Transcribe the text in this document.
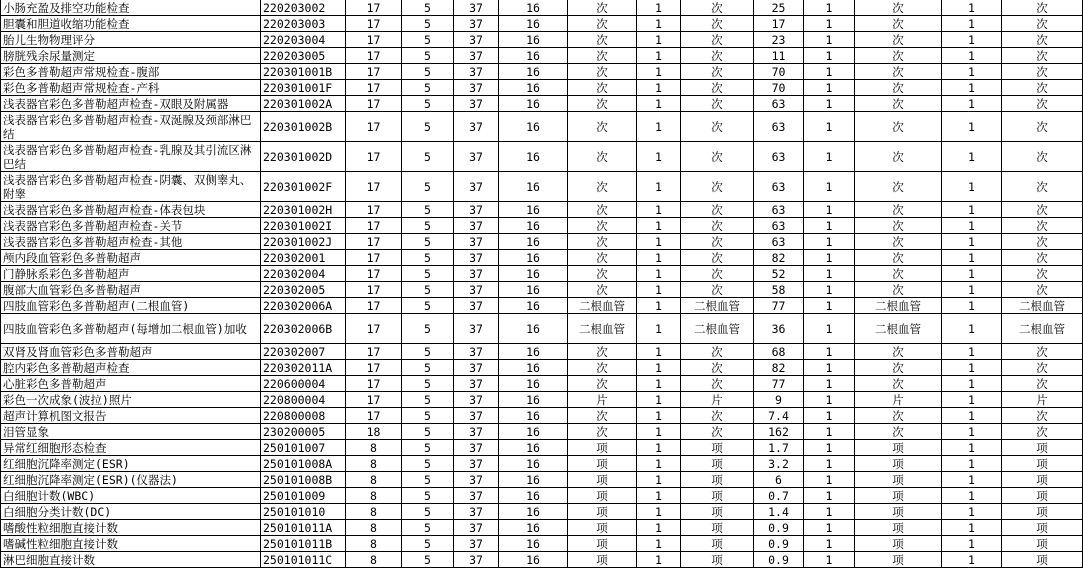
小肠充盈及排空功能检查	220203002	17	5	37	16	次	1	次	25	1	次	1	次
胆囊和胆道收缩功能检查	220203003	17	5	37	16	次	1	次	17	1	次	1	次
胎儿生物物理评分	220203004	17	5	37	16	次	1	次	23	1	次	1	次
膀胱残余尿量测定	220203005	17	5	37	16	次	1	次	11	1	次	1	次
彩色多普勒超声常规检查-腹部	220301001B	17	5	37	16	次	1	次	70	1	次	1	次
彩色多普勒超声常规检查-产科	220301001F	17	5	37	16	次	1	次	70	1	次	1	次
浅表器官彩色多普勒超声检查-双眼及附属器	220301002A	17	5	37	16	次	1	次	63	1	次	1	次
浅表器官彩色多普勒超声检查-双涎腺及颈部淋巴结	220301002B	17	5	37	16	次	1	次	63	1	次	1	次
浅表器官彩色多普勒超声检查-乳腺及其引流区淋巴结	220301002D	17	5	37	16	次	1	次	63	1	次	1	次
浅表器官彩色多普勒超声检查-阴囊、双侧睾丸、附睾	220301002F	17	5	37	16	次	1	次	63	1	次	1	次
浅表器官彩色多普勒超声检查-体表包块	220301002H	17	5	37	16	次	1	次	63	1	次	1	次
浅表器官彩色多普勒超声检查-关节	220301002I	17	5	37	16	次	1	次	63	1	次	1	次
浅表器官彩色多普勒超声检查-其他	220301002J	17	5	37	16	次	1	次	63	1	次	1	次
颅内段血管彩色多普勒超声	220302001	17	5	37	16	次	1	次	82	1	次	1	次
门静脉系彩色多普勒超声	220302004	17	5	37	16	次	1	次	52	1	次	1	次
腹部大血管彩色多普勒超声	220302005	17	5	37	16	次	1	次	58	1	次	1	次
四肢血管彩色多普勒超声(二根血管)	220302006A	17	5	37	16	二根血管	1	二根血管	77	1	二根血管	1	二根血管
四肢血管彩色多普勒超声(每增加二根血管)加收	220302006B	17	5	37	16	二根血管	1	二根血管	36	1	二根血管	1	二根血管
双肾及肾血管彩色多普勒超声	220302007	17	5	37	16	次	1	次	68	1	次	1	次
腔内彩色多普勒超声检查	220302011A	17	5	37	16	次	1	次	82	1	次	1	次
心脏彩色多普勒超声	220600004	17	5	37	16	次	1	次	77	1	次	1	次
彩色一次成象(波拉)照片	220800004	17	5	37	16	片	1	片	9	1	片	1	片
超声计算机图文报告	220800008	17	5	37	16	次	1	次	7.4	1	次	1	次
泪管显象	230200005	18	5	37	16	次	1	次	162	1	次	1	次
异常红细胞形态检查	250101007	8	5	37	16	项	1	项	1.7	1	项	1	项
红细胞沉降率测定(ESR)	250101008A	8	5	37	16	项	1	项	3.2	1	项	1	项
红细胞沉降率测定(ESR)(仪器法)	250101008B	8	5	37	16	项	1	项	6	1	项	1	项
白细胞计数(WBC)	250101009	8	5	37	16	项	1	项	0.7	1	项	1	项
白细胞分类计数(DC)	250101010	8	5	37	16	项	1	项	1.4	1	项	1	项
嗜酸性粒细胞直接计数	250101011A	8	5	37	16	项	1	项	0.9	1	项	1	项
嗜碱性粒细胞直接计数	250101011B	8	5	37	16	项	1	项	0.9	1	项	1	项
淋巴细胞直接计数	250101011C	8	5	37	16	项	1	项	0.9	1	项	1	项
